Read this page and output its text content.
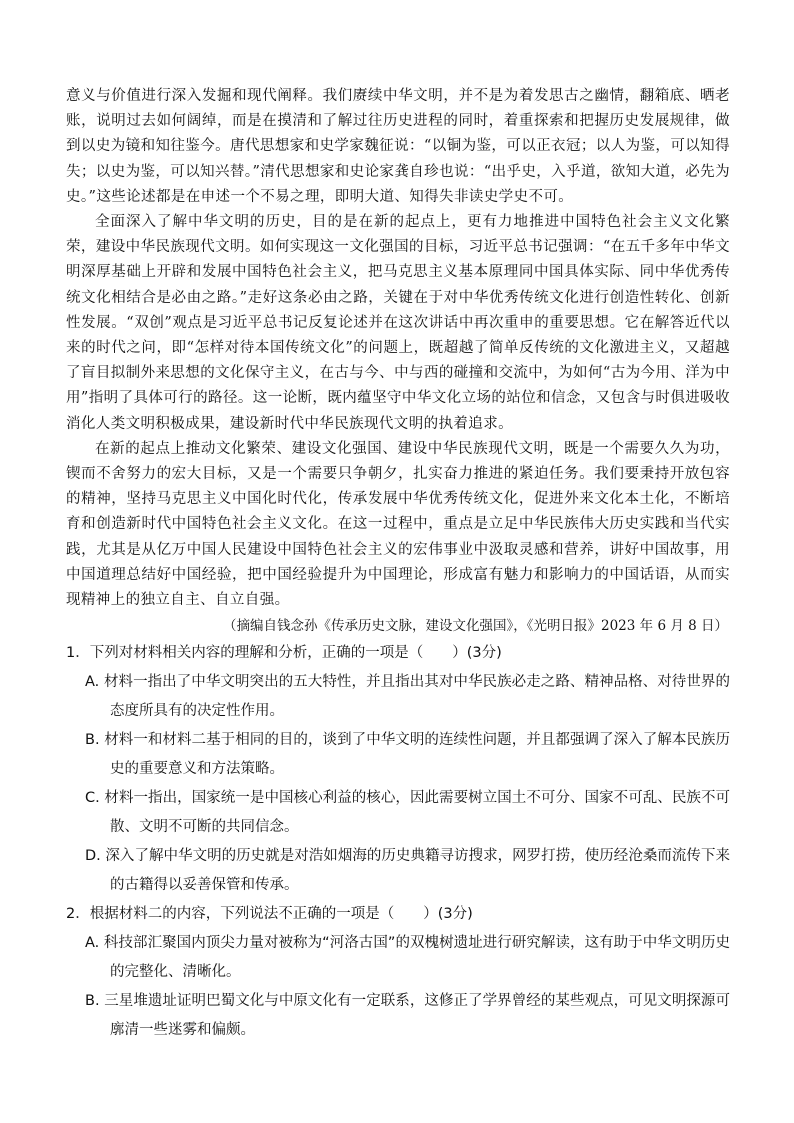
意义与价值进行深入发掘和现代阐释。我们赓续中华文明，并不是为着发思古之幽情，翻箱底、晒老账，说明过去如何阔绰，而是在摸清和了解过往历史进程的同时，着重探索和把握历史发展规律，做到以史为镜和知往鉴今。唐代思想家和史学家魏征说：“以铜为鉴，可以正衣冠；以人为鉴，可以知得失；以史为鉴，可以知兴替。”清代思想家和史论家龚自珍也说：“出乎史，入乎道，欲知大道，必先为史。”这些论述都是在申述一个不易之理，即明大道、知得失非读史学史不可。

全面深入了解中华文明的历史，目的是在新的起点上，更有力地推进中国特色社会主义文化繁荣，建设中华民族现代文明。如何实现这一文化强国的目标，习近平总书记强调：“在五千多年中华文明深厚基础上开辟和发展中国特色社会主义，把马克思主义基本原理同中国具体实际、同中华优秀传统文化相结合是必由之路。”走好这条必由之路，关键在于对中华优秀传统文化进行创造性转化、创新性发展。“双创”观点是习近平总书记反复论述并在这次讲话中再次重申的重要思想。它在解答近代以来的时代之问，即“怎样对待本国传统文化”的问题上，既超越了简单反传统的文化激进主义，又超越了盲目拟制外来思想的文化保守主义，在古与今、中与西的碰撞和交流中，为如何“古为今用、洋为中用”指明了具体可行的路径。这一论断，既内蕴坚守中华文化立场的站位和信念，又包含与时俱进吸收消化人类文明积极成果，建设新时代中华民族现代文明的执着追求。

在新的起点上推动文化繁荣、建设文化强国、建设中华民族现代文明，既是一个需要久久为功，锲而不舍努力的宏大目标，又是一个需要只争朝夕，扎实奋力推进的紧迫任务。我们要秉持开放包容的精神，坚持马克思主义中国化时代化，传承发展中华优秀传统文化，促进外来文化本土化，不断培育和创造新时代中国特色社会主义文化。在这一过程中，重点是立足中华民族伟大历史实践和当代实践，尤其是从亿万中国人民建设中国特色社会主义的宏伟事业中汲取灵感和营养，讲好中国故事，用中国道理总结好中国经验，把中国经验提升为中国理论，形成富有魅力和影响力的中国话语，从而实现精神上的独立自主、自立自强。

（摘编自钱念孙《传承历史文脉，建设文化强国》，《光明日报》2023 年 6 月 8 日）

1．下列对材料相关内容的理解和分析，正确的一项是（　　）(3分)

A. 材料一指出了中华文明突出的五大特性，并且指出其对中华民族必走之路、精神品格、对待世界的态度所具有的决定性作用。

B. 材料一和材料二基于相同的目的，谈到了中华文明的连续性问题，并且都强调了深入了解本民族历史的重要意义和方法策略。

C. 材料一指出，国家统一是中国核心利益的核心，因此需要树立国土不可分、国家不可乱、民族不可散、文明不可断的共同信念。

D. 深入了解中华文明的历史就是对浩如烟海的历史典籍寻访搜求，网罗打捞，使历经沧桑而流传下来的古籍得以妥善保管和传承。

2．根据材料二的内容，下列说法不正确的一项是（　　）(3分)

A. 科技部汇聚国内顶尖力量对被称为“河洛古国”的双槐树遗址进行研究解读，这有助于中华文明历史的完整化、清晰化。

B. 三星堆遗址证明巴蜀文化与中原文化有一定联系，这修正了学界曾经的某些观点，可见文明探源可廓清一些迷雾和偏颇。
